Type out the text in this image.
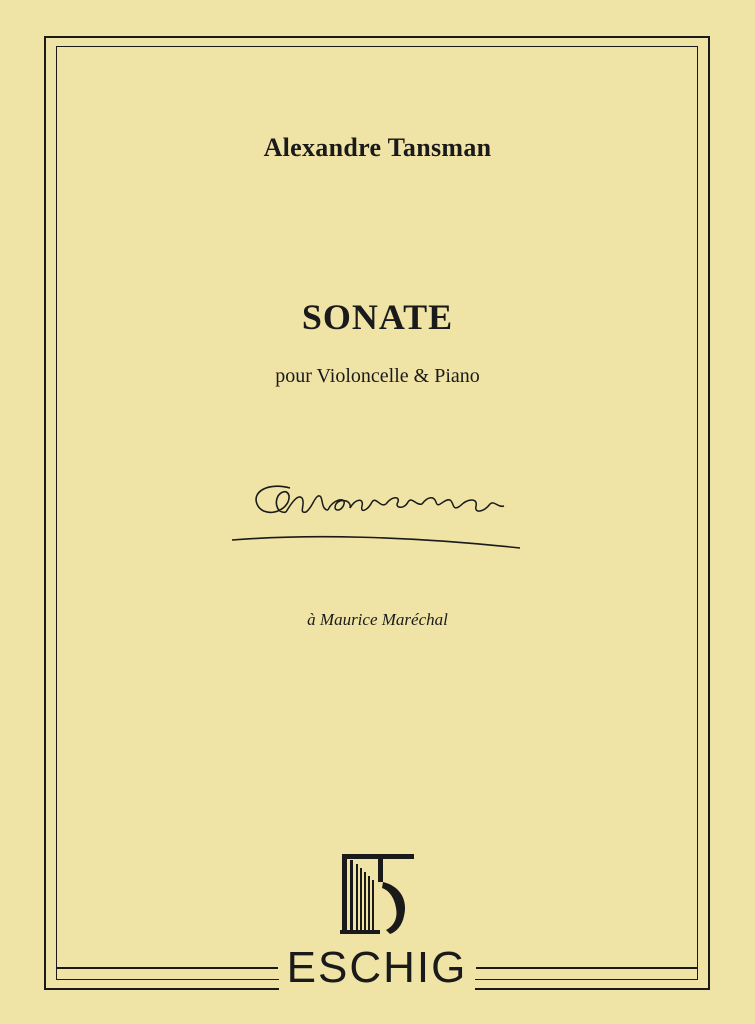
Alexandre Tansman
SONATE
pour Violoncelle & Piano
à Maurice Maréchal
ESCHIG
